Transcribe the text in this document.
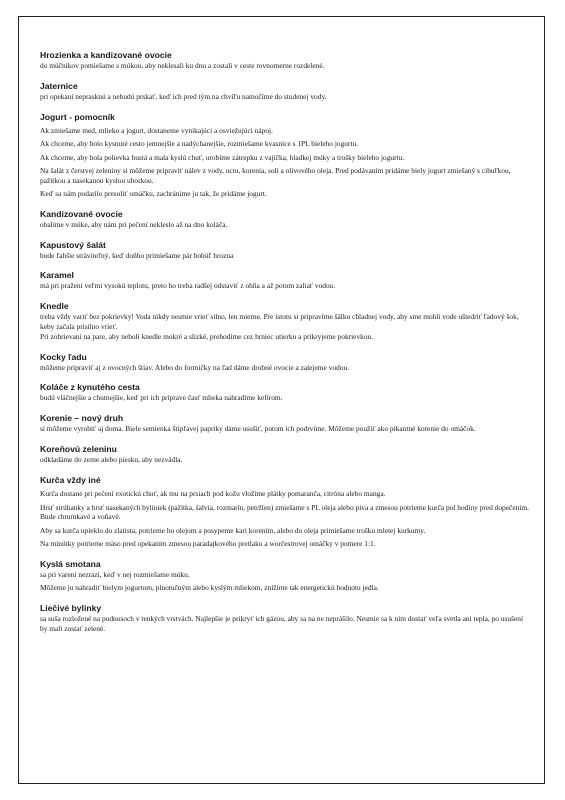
Hrozienka a kandizované ovocie

do múčnikov pomiešame s múkou, aby neklesali ku dnu a zostali v ceste rovnomerne rozdelené.

Jaternice

pri opekaní neprasknú a nebudú prskať, keď ich pred tým na chvíľu namočíme do studenej vody.

Jogurt - pomocník

Ak zmiešame med, mlieko a jogurt, dostaneme vynikajúci a osviežujúci nápoj.

Ak chceme, aby bolo kysnuté cesto jemnejšie a nadýchanejšie, rozmiešame kvasnice s 1PL bieleho jogurtu.

Ak chceme, aby bola polievka hustá a mala kyslú chuť, urobíme zátrepku z vajíčka, hladkej múky a trošky bieleho jogurtu.

Na šalát z čerstvej zeleniny si môžeme pripraviť nálev z vody, octu, korenia, soli a olivového oleja. Pred podávaním pridáme biely jogurt zmiešaný s cibuľkou, pažítkou a nasekanou kyslou uhorkou.

Keď sa nám podarilo presoliť omáčku, zachránime ju tak, že pridáme jogurt.

Kandizované ovocie

obalíme v múke, aby nám pri pečení nekleslo až na dno koláča.

Kapustový šalát

bude ľahšie stráviteľný, keď doňho primiešame pár bobúľ hrozna

Karamel

má pri pražení veľmi vysokú teplotu, preto ho treba radšej odstaviť z ohňa a až potom zaliať vodou.

Knedle

treba vždy variť bez pokrievky! Voda nikdy nesmie vrieť silno, len mierne. Pre istotu si pripravíme šálku chladnej vody, aby sme mohli vode uštedriť ľadový šok, keby začala prisilno vrieť.

Pri zohrievaní na pare, aby neboli knedle mokré a slizké, prehodíme cez hrniec utierku a prikryjeme pokrievkou.

Kocky ľadu

môžeme pripraviť aj z ovocných štiav. Alebo do formičky na ľad dáme drobné ovocie a zalejeme vodou.

Koláče z kynutého cesta

budú vláčnejšie a chutnejšie, keď pri ich príprave časť mlieka nahradíme kefírom.

Korenie – nový druh

si môžeme vyrobiť aj doma. Biele semienka štipľavej papriky dáme usušiť, potom ich podrvíme. Môžeme použiť ako pikantné korenie do omáčok.

Koreňovú zeleninu

odkladáme do zeme alebo piesku, aby nezvädla.

Kurča vždy iné

Kurča dostane pri pečení exotickú chuť, ak mu na prsiach pod kožu vložíme plátky pomaranča, citróna alebo manga.

Hrsť strúhanky a hrsť nasekaných byliniek (pažítka, šalvia, rozmarín, petržlen) zmiešame s PL oleja alebo piva a zmesou potrieme kurča pol hodiny pred dopečením. Bude chrumkavé a voňavé.

Aby sa kurča upieklo do zlatista, potrieme ho olejom a posypeme kari korením, alebo do oleja primiešame trošku mletej kurkumy.

Na minútky potrieme mäso pred opekaním zmesou paradajkového pretlaku a worčestrovej omáčky v pomere 1:1.

Kyslá smotana

sa pri varení nezrazí, keď v nej rozmiešame múku.

Môžeme ju nahradiť bielym jogurtom, plnotučným alebo kyslým mliekom, znížime tak energetickú hodnotu jedla.

Liečivé bylinky

sa suša rozložené na podnosoch v tenkých vrstvách. Najlepšie je prikryť ich gázou, aby sa na ne neprášilo. Nesmie sa k nim dostať veľa svetla ani tepla, po usušení by mali zostať zelené.
